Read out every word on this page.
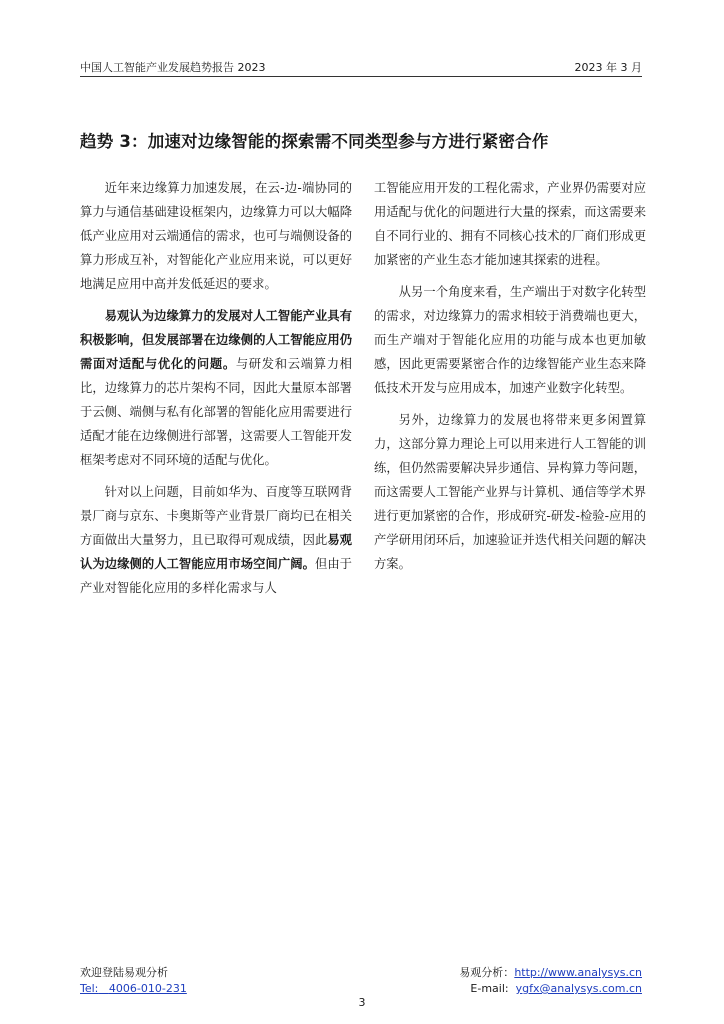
中国人工智能产业发展趋势报告 2023	2023 年 3 月
趋势 3：加速对边缘智能的探索需不同类型参与方进行紧密合作

近年来边缘算力加速发展，在云-边-端协同的算力与通信基础建设框架内，边缘算力可以大幅降低产业应用对云端通信的需求，也可与端侧设备的算力形成互补，对智能化产业应用来说，可以更好地满足应用中高并发低延迟的要求。

易观认为边缘算力的发展对人工智能产业具有积极影响，但发展部署在边缘侧的人工智能应用仍需面对适配与优化的问题。与研发和云端算力相比，边缘算力的芯片架构不同，因此大量原本部署于云侧、端侧与私有化部署的智能化应用需要进行适配才能在边缘侧进行部署，这需要人工智能开发框架考虑对不同环境的适配与优化。

针对以上问题，目前如华为、百度等互联网背景厂商与京东、卡奥斯等产业背景厂商均已在相关方面做出大量努力，且已取得可观成绩，因此易观认为边缘侧的人工智能应用市场空间广阔。但由于产业对智能化应用的多样化需求与人

工智能应用开发的工程化需求，产业界仍需要对应用适配与优化的问题进行大量的探索，而这需要来自不同行业的、拥有不同核心技术的厂商们形成更加紧密的产业生态才能加速其探索的进程。

从另一个角度来看，生产端出于对数字化转型的需求，对边缘算力的需求相较于消费端也更大，而生产端对于智能化应用的功能与成本也更加敏感，因此更需要紧密合作的边缘智能产业生态来降低技术开发与应用成本，加速产业数字化转型。

另外，边缘算力的发展也将带来更多闲置算力，这部分算力理论上可以用来进行人工智能的训练，但仍然需要解决异步通信、异构算力等问题，而这需要人工智能产业界与计算机、通信等学术界进行更加紧密的合作，形成研究-研发-检验-应用的产学研用闭环后，加速验证并迭代相关问题的解决方案。

欢迎登陆易观分析
Tel: 4006-010-231
易观分析：http://www.analysys.cn
E-mail: ygfx@analysys.com.cn
3
